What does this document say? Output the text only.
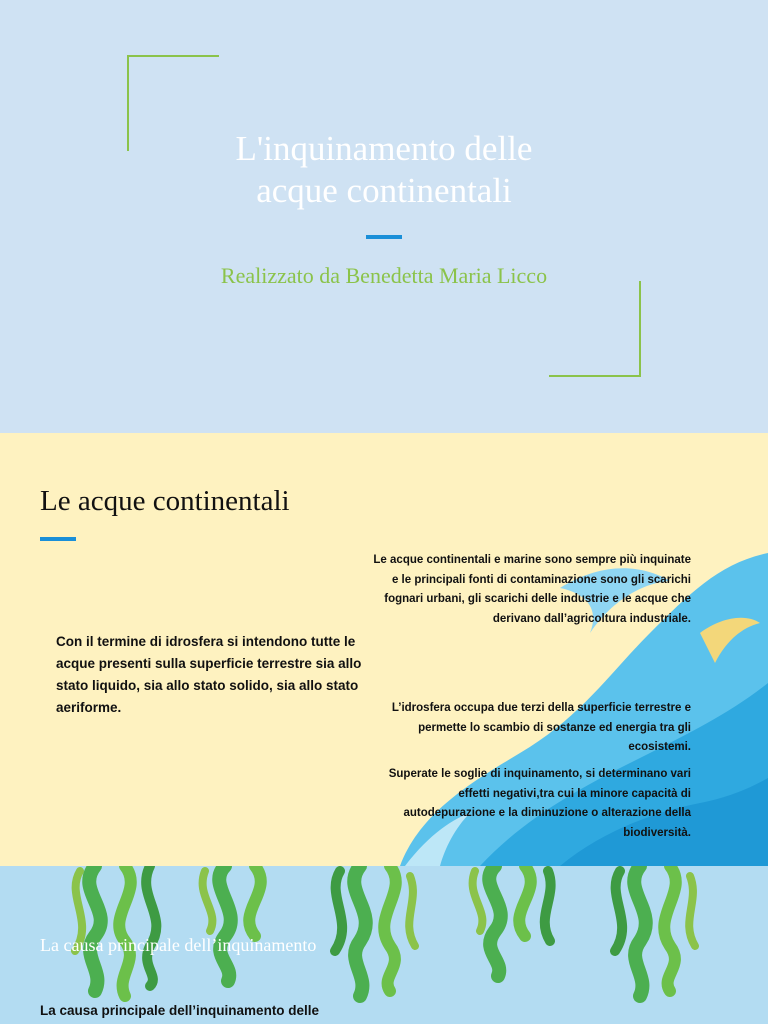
L'inquinamento delle
acque continentali
Realizzato da Benedetta Maria Licco
Le acque continentali
Con il termine di idrosfera si intendono tutte le acque presenti sulla superficie terrestre sia allo stato liquido, sia allo stato solido, sia allo stato aeriforme.
Le acque continentali e marine sono sempre più inquinate e le principali fonti di contaminazione sono gli scarichi fognari urbani, gli scarichi delle industrie e le acque che derivano dall’agricoltura industriale.
L’idrosfera occupa due terzi della superficie terrestre e permette lo scambio di sostanze ed energia tra gli ecosistemi.
Superate le soglie di inquinamento, si determinano vari effetti negativi,tra cui la minore capacità di autodepurazione e la diminuzione o alterazione della biodiversità.
La causa principale dell’inquinamento
La causa principale dell’inquinamento delle
